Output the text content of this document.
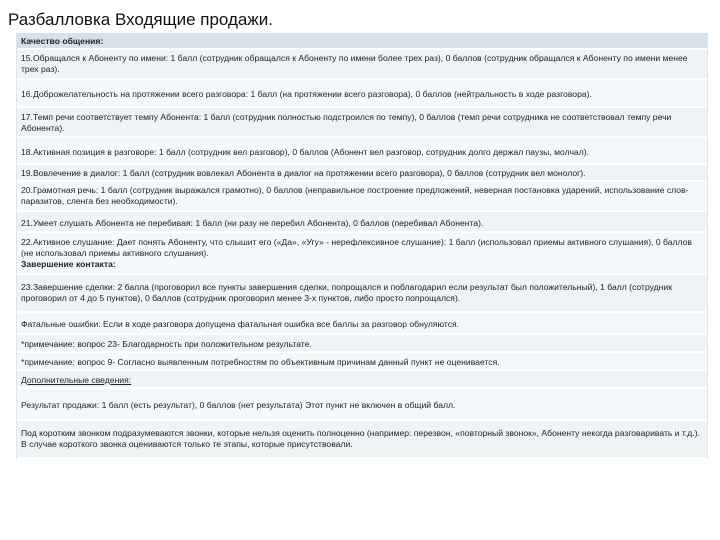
Разбалловка Входящие продажи.
Качество общения:
15.Обращался к Абоненту по имени: 1 балл (сотрудник обращался к Абоненту по имени более трех раз), 0 баллов (сотрудник обращался к Абоненту по имени менее трех раз).
16.Доброжелательность на протяжении всего разговора: 1 балл (на протяжении всего разговора), 0 баллов (нейтральность в ходе разговора).
17.Темп речи соответствует темпу Абонента: 1 балл (сотрудник полностью подстроился по темпу), 0 баллов (темп речи сотрудника не соответствовал темпу речи Абонента).
18.Активная позиция в разговоре: 1 балл (сотрудник вел разговор), 0 баллов (Абонент вел разговор, сотрудник долго держал паузы, молчал).
19.Вовлечение в диалог: 1 балл (сотрудник вовлекал Абонента в диалог на протяжении всего разговора), 0 баллов (сотрудник вел монолог).
20.Грамотная речь: 1 балл (сотрудник выражался грамотно), 0 баллов (неправильное построение предложений, неверная постановка ударений, использование слов-паразитов, сленга без необходимости).
21.Умеет слушать Абонента не перебивая: 1 балл (ни разу не перебил Абонента), 0 баллов (перебивал Абонента).

22.Активное слушание: Дает понять Абоненту, что слышит его («Да», «Угу» - нерефлексивное слушание): 1 балл (использовал приемы активного слушания), 0 баллов (не использовал приемы активного слушания).

Завершение контакта:

23.Завершение сделки: 2 балла (проговорил все пункты завершения сделки, попрощался и поблагодарил если результат был положительный), 1 балл (сотрудник проговорил от 4 до 5 пунктов), 0 баллов (сотрудник проговорил менее 3-х пунктов, либо просто попрощался).
Фатальные ошибки: Если в ходе разговора допущена фатальная ошибка все баллы за разговор обнуляются.
*примечание: вопрос 23- Благодарность при положительном результате.
*примечание: вопрос 9- Согласно выявленным потребностям по объективным причинам данный пункт не оценивается.
Дополнительные сведения:
Результат продажи: 1 балл (есть результат), 0 баллов (нет результата) Этот пункт не включен в общий балл.
Под коротким звонком подразумеваются звонки, которые нельзя оценить полноценно (например: перезвон, «повторный звонок», Абоненту некогда разговаривать и т.д.). В случае короткого звонка оцениваются только те этапы, которые присутствовали.
